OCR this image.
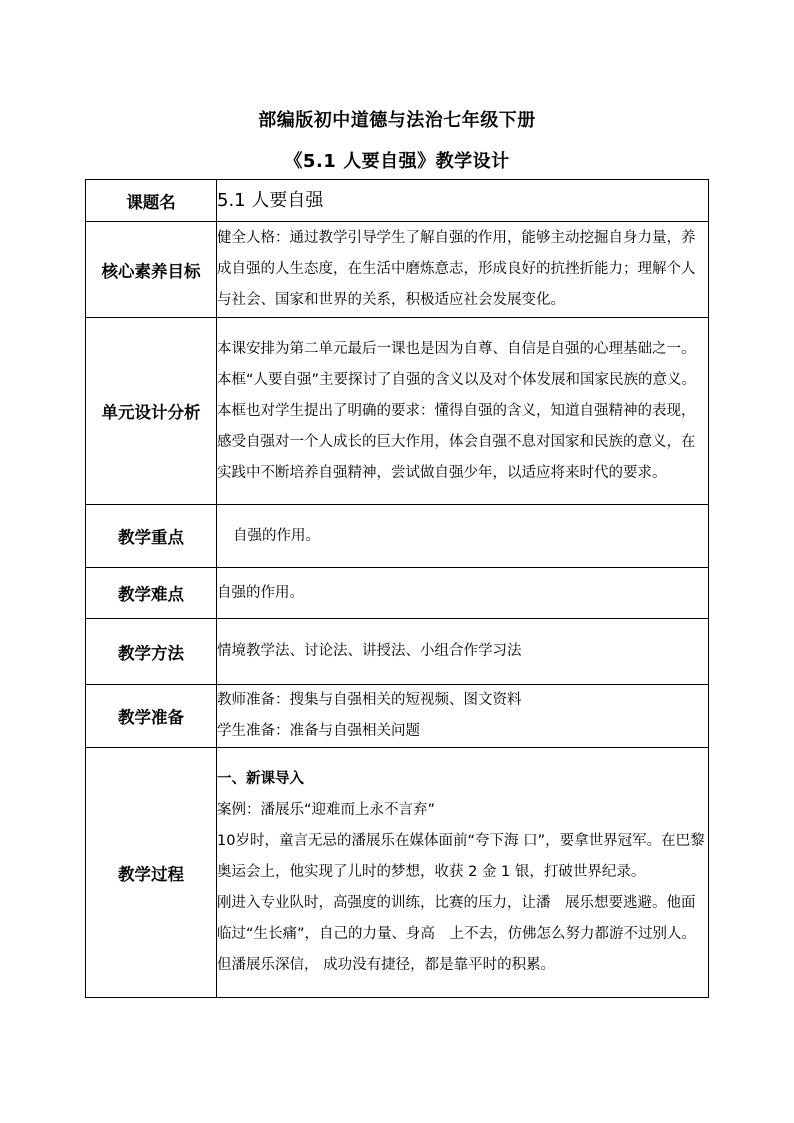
部编版初中道德与法治七年级下册
《5.1 人要自强》教学设计
课题名	5.1 人要自强
核心素养目标	健全人格：通过教学引导学生了解自强的作用，能够主动挖掘自身力量，养成自强的人生态度，在生活中磨炼意志，形成良好的抗挫折能力；理解个人与社会、国家和世界的关系，积极适应社会发展变化。
单元设计分析	本课安排为第二单元最后一课也是因为自尊、自信是自强的心理基础之一。本框“人要自强”主要探讨了自强的含义以及对个体发展和国家民族的意义。本框也对学生提出了明确的要求：懂得自强的含义，知道自强精神的表现，感受自强对一个人成长的巨大作用，体会自强不息对国家和民族的意义，在实践中不断培养自强精神，尝试做自强少年，以适应将来时代的要求。
教学重点	自强的作用。
教学难点	自强的作用。
教学方法	情境教学法、讨论法、讲授法、小组合作学习法
教学准备	教师准备：搜集与自强相关的短视频、图文资料

学生准备：准备与自强相关问题

教学过程	一、新课导入

案例：潘展乐“迎难而上永不言弃”

10岁时，童言无忌的潘展乐在媒体面前“夸下海 口”，要拿世界冠军。在巴黎奥运会上，他实现了儿时的梦想，收获 2 金 1 银，打破世界纪录。

刚进入专业队时，高强度的训练，比赛的压力，让潘　展乐想要逃避。他面临过“生长痛”，自己的力量、身高　上不去，仿佛怎么努力都游不过别人。但潘展乐深信， 成功没有捷径，都是靠平时的积累。
